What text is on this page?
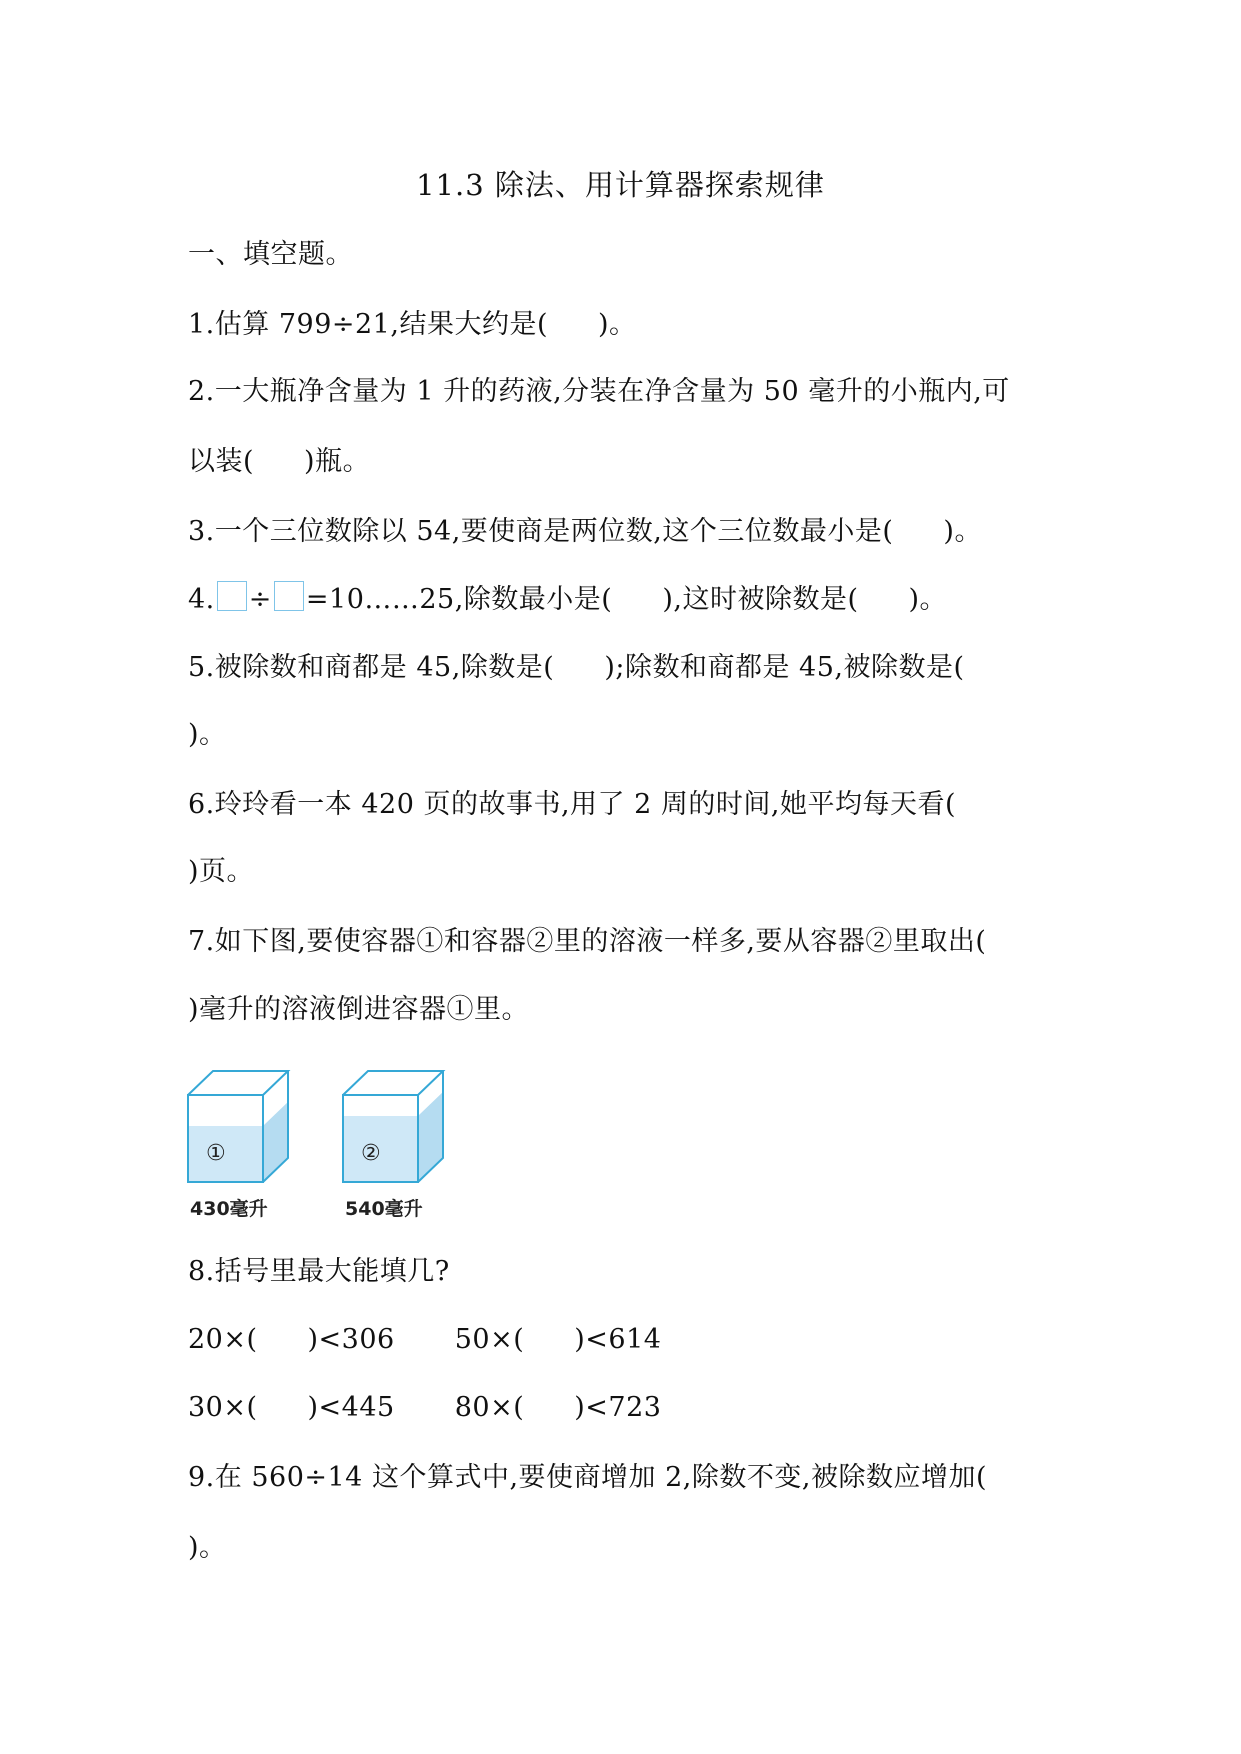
11.3 除法、用计算器探索规律
一、填空题。
1.估算 799÷21,结果大约是( )。
2.一大瓶净含量为 1 升的药液,分装在净含量为 50 毫升的小瓶内,可
以装( )瓶。
3.一个三位数除以 54,要使商是两位数,这个三位数最小是( )。
4. ÷ =10……25,除数最小是( ),这时被除数是( )。
5.被除数和商都是 45,除数是( );除数和商都是 45,被除数是(
)。
6.玲玲看一本 420 页的故事书,用了 2 周的时间,她平均每天看(
)页。
7.如下图,要使容器①和容器②里的溶液一样多,要从容器②里取出(
)毫升的溶液倒进容器①里。
①	②
430毫升	540毫升
8.括号里最大能填几?
20×( )<306 50×( )<614
30×( )<445 80×( )<723
9.在 560÷14 这个算式中,要使商增加 2,除数不变,被除数应增加(
)。
